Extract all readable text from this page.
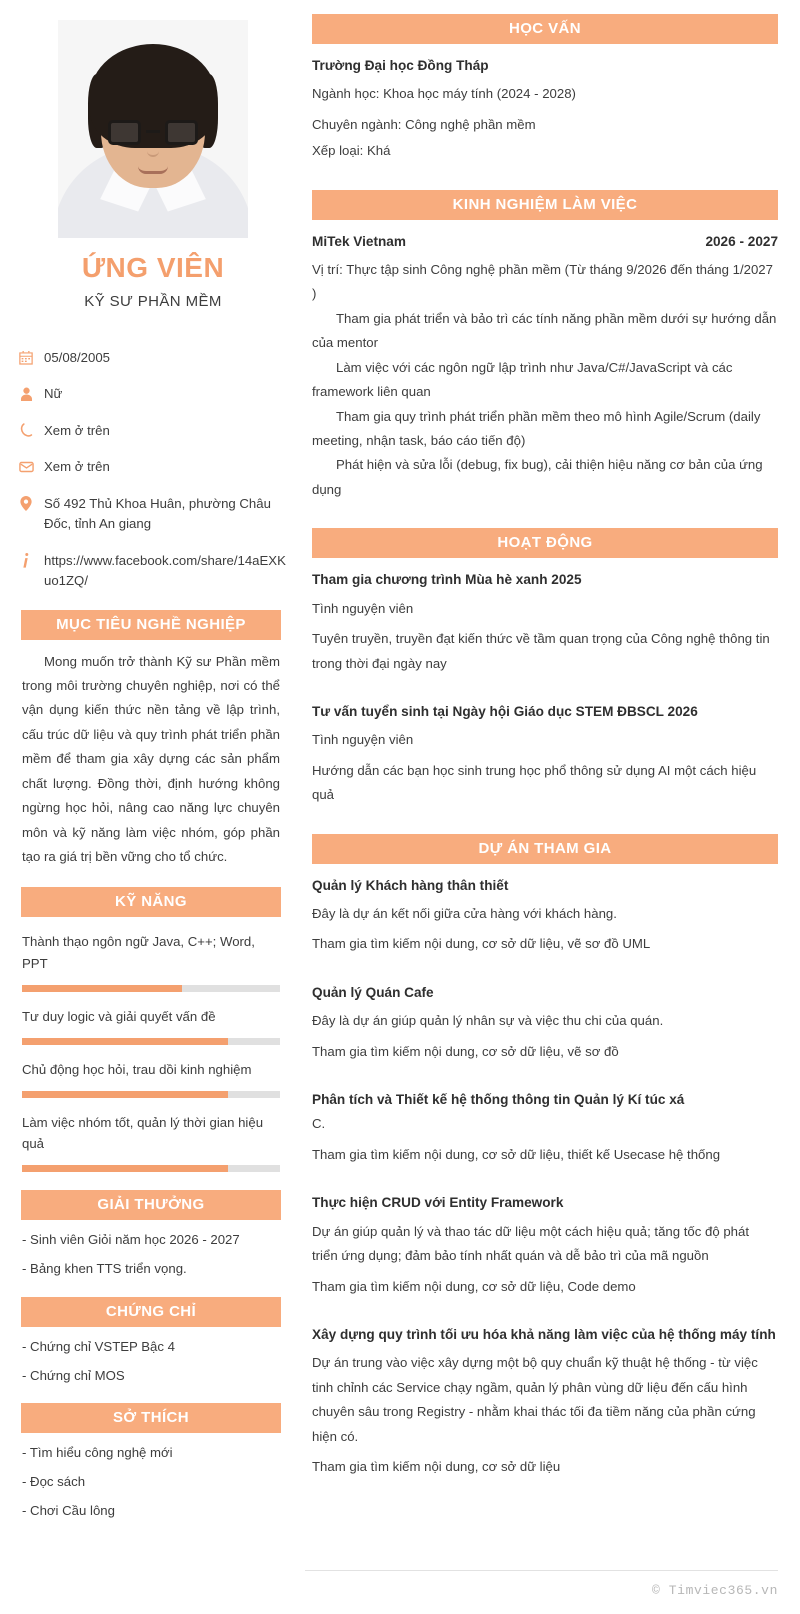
ỨNG VIÊN
KỸ SƯ PHẦN MỀM
05/08/2005
Nữ
Xem ở trên
Xem ở trên
Số 492 Thủ Khoa Huân, phường Châu Đốc, tỉnh An giang
https://www.facebook.com/share/14aEXKuo1ZQ/
MỤC TIÊU NGHỀ NGHIỆP
Mong muốn trở thành Kỹ sư Phần mềm trong môi trường chuyên nghiệp, nơi có thể vận dụng kiến thức nền tảng về lập trình, cấu trúc dữ liệu và quy trình phát triển phần mềm để tham gia xây dựng các sản phẩm chất lượng. Đồng thời, định hướng không ngừng học hỏi, nâng cao năng lực chuyên môn và kỹ năng làm việc nhóm, góp phần tạo ra giá trị bền vững cho tổ chức.
KỸ NĂNG
Thành thạo ngôn ngữ Java, C++; Word, PPT
Tư duy logic và giải quyết vấn đề
Chủ động học hỏi, trau dồi kinh nghiệm
Làm việc nhóm tốt, quản lý thời gian hiệu quả
GIẢI THƯỞNG
- Sinh viên Giỏi năm học 2026 - 2027
- Bảng khen TTS triển vọng.
CHỨNG CHỈ
- Chứng chỉ VSTEP Bậc 4
- Chứng chỉ MOS
SỞ THÍCH
- Tìm hiểu công nghệ mới
- Đọc sách
- Chơi Cầu lông
HỌC VẤN
Trường Đại học Đồng Tháp
Ngành học: Khoa học máy tính (2024 - 2028)
Chuyên ngành: Công nghệ phần mềm
Xếp loại: Khá
KINH NGHIỆM LÀM VIỆC
MiTek Vietnam	2026 - 2027
Vị trí: Thực tập sinh Công nghệ phần mềm (Từ tháng 9/2026 đến tháng 1/2027 )
Tham gia phát triển và bảo trì các tính năng phần mềm dưới sự hướng dẫn của mentor
Làm việc với các ngôn ngữ lập trình như Java/C#/JavaScript và các framework liên quan
Tham gia quy trình phát triển phần mềm theo mô hình Agile/Scrum (daily meeting, nhận task, báo cáo tiến độ)
Phát hiện và sửa lỗi (debug, fix bug), cải thiện hiệu năng cơ bản của ứng dụng
HOẠT ĐỘNG
Tham gia chương trình Mùa hè xanh 2025
Tình nguyện viên
Tuyên truyền, truyền đạt kiến thức về tầm quan trọng của Công nghệ thông tin trong thời đại ngày nay
Tư vấn tuyển sinh tại Ngày hội Giáo dục STEM ĐBSCL 2026
Tình nguyện viên
Hướng dẫn các bạn học sinh trung học phổ thông sử dụng AI một cách hiệu quả
DỰ ÁN THAM GIA
Quản lý Khách hàng thân thiết
Đây là dự án kết nối giữa cửa hàng với khách hàng.
Tham gia tìm kiếm nội dung, cơ sở dữ liệu, vẽ sơ đồ UML
Quản lý Quán Cafe
Đây là dự án giúp quản lý nhân sự và việc thu chi của quán.
Tham gia tìm kiếm nội dung, cơ sở dữ liệu, vẽ sơ đồ
Phân tích và Thiết kế hệ thống thông tin Quản lý Kí túc xá
C.
Tham gia tìm kiếm nội dung, cơ sở dữ liệu, thiết kế Usecase hệ thống
Thực hiện CRUD với Entity Framework
Dự án giúp quản lý và thao tác dữ liệu một cách hiệu quả; tăng tốc độ phát triển ứng dụng; đảm bảo tính nhất quán và dễ bảo trì của mã nguồn
Tham gia tìm kiếm nội dung, cơ sở dữ liệu, Code demo
Xây dựng quy trình tối ưu hóa khả năng làm việc của hệ thống máy tính
Dự án trung vào việc xây dựng một bộ quy chuẩn kỹ thuật hệ thống - từ việc tinh chỉnh các Service chạy ngầm, quản lý phân vùng dữ liệu đến cấu hình chuyên sâu trong Registry - nhằm khai thác tối đa tiềm năng của phần cứng hiện có.
Tham gia tìm kiếm nội dung, cơ sở dữ liệu
© Timviec365.vn
